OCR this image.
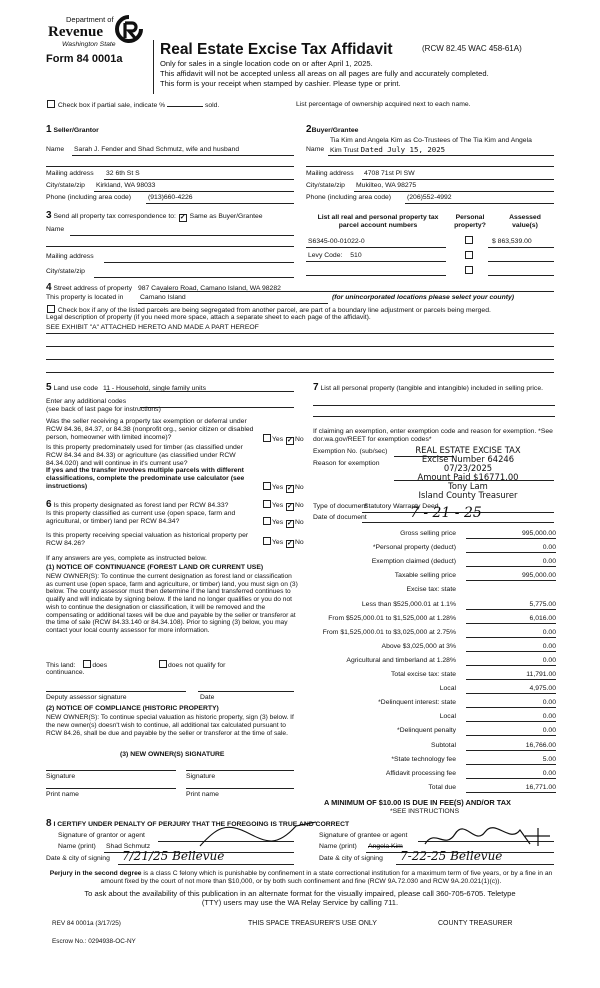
Department of
Revenue
Washington State
Form 84 0001a
Real Estate Excise Tax Affidavit	(RCW 82.45 WAC 458-61A)
Only for sales in a single location code on or after April 1, 2025.
This affidavit will not be accepted unless all areas on all pages are fully and accurately completed.
This form is your receipt when stamped by cashier. Please type or print.
Check box if partial sale, indicate %	sold.	List percentage of ownership acquired next to each name.
1 Seller/Grantor
Name Sarah J. Fender and Shad Schmutz, wife and husband
Mailing address 32 6th St S
City/state/zip Kirkland, WA 98033
Phone (including area code) (913)660-4226
2Buyer/Grantee
Tia Kim and Angela Kim as Co-Trustees of The Tia Kim and Angela
Name Kim Trust Dated July 15, 2025
Mailing address 4708 71st Pl SW
City/state/zip Mukilteo, WA 98275
Phone (including area code) (206)552-4992
3 Send all property tax correspondence to: ✓ Same as Buyer/Grantee
Name
Mailing address
City/state/zip
List all real and personal property tax parcel account numbers
Personal property?
Assessed value(s)
S6345-00-01022-0	$ 863,539.00
Levy Code: 510
4 Street address of property 987 Cavalero Road, Camano Island, WA 98282
This property is located in Camano Island	(for unincorporated locations please select your county)
Check box if any of the listed parcels are being segregated from another parcel, are part of a boundary line adjustment or parcels being merged.
Legal description of property (if you need more space, attach a separate sheet to each page of the affidavit).
SEE EXHIBIT "A" ATTACHED HERETO AND MADE A PART HEREOF
5 Land use code 11 - Household, single family units
Enter any additional codes
(see back of last page for instructions)
Was the seller receiving a property tax exemption or deferral under RCW 84.36, 84.37, or 84.38 (nonprofit org., senior citizen or disabled person, homeowner with limited income)?	Yes ✓ No
Is this property predominately used for timber (as classified under RCW 84.34 and 84.33) or agriculture (as classified under RCW 84.34.020) and will continue in it's current use?
If yes and the transfer involves multiple parcels with different classifications, complete the predominate use calculator (see instructions)	Yes ✓ No
6 Is this property designated as forest land per RCW 84.33?	Yes ✓ No
Is this property classified as current use (open space, farm and agricultural, or timber) land per RCW 84.34?	Yes ✓ No
Is this property receiving special valuation as historical property per RCW 84.26?	Yes ✓ No
If any answers are yes, complete as instructed below.
(1) NOTICE OF CONTINUANCE (FOREST LAND OR CURRENT USE)
NEW OWNER(S): To continue the current designation as forest land or classification as current use (open space, farm and agriculture, or timber) land, you must sign on (3) below. The county assessor must then determine if the land transferred continues to qualify and will indicate by signing below. If the land no longer qualifies or you do not wish to continue the designation or classification, it will be removed and the compensating or additional taxes will be due and payable by the seller or transferor at the time of sale (RCW 84.33.140 or 84.34.108). Prior to signing (3) below, you may contact your local county assessor for more information.
This land: does	does not qualify for
continuance.
Deputy assessor signature	Date
(2) NOTICE OF COMPLIANCE (HISTORIC PROPERTY)
NEW OWNER(S): To continue special valuation as historic property, sign (3) below. If the new owner(s) doesn't wish to continue, all additional tax calculated pursuant to RCW 84.26, shall be due and payable by the seller or transferor at the time of sale.
(3) NEW OWNER(S) SIGNATURE
Signature	Signature
Print name	Print name
7 List all personal property (tangible and intangible) included in selling price.
If claiming an exemption, enter exemption code and reason for exemption. *See dor.wa.gov/REET for exemption codes*
Exemption No. (sub/sec)
Reason for exemption
REAL ESTATE EXCISE TAX
Excise Number 64246
07/23/2025
Amount Paid $16771.00
Tony Lam
Island County Treasurer
Type of document
Statutory Warranty Deed
Date of document	7 - 21 - 25
Gross selling price	995,000.00
*Personal property (deduct)	0.00
Exemption claimed (deduct)	0.00
Taxable selling price	995,000.00
Excise tax: state
Less than $525,000.01 at 1.1%	5,775.00
From $525,000.01 to $1,525,000 at 1.28%	6,016.00
From $1,525,000.01 to $3,025,000 at 2.75%	0.00
Above $3,025,000 at 3%	0.00
Agricultural and timberland at 1.28%	0.00
Total excise tax: state	11,791.00
Local	4,975.00
*Delinquent interest: state	0.00
Local	0.00
*Delinquent penalty	0.00
Subtotal	16,766.00
*State technology fee	5.00
Affidavit processing fee	0.00
Total due	16,771.00
A MINIMUM OF $10.00 IS DUE IN FEE(S) AND/OR TAX
*SEE INSTRUCTIONS
8 I CERTIFY UNDER PENALTY OF PERJURY THAT THE FOREGOING IS TRUE AND CORRECT
Signature of grantor or agent
Name (print) Shad Schmutz
Date & city of signing 7/21/25 Bellevue
Signature of grantee or agent
Name (print) Angela Kim
Date & city of signing 7-22-25 Bellevue
Perjury in the second degree is a class C felony which is punishable by confinement in a state correctional institution for a maximum term of five years, or by a fine in an amount fixed by the court of not more than $10,000, or by both such confinement and fine (RCW 9A.72.030 and RCW 9A.20.021(1)(c)).
To ask about the availability of this publication in an alternate format for the visually impaired, please call 360-705-6705. Teletype (TTY) users may use the WA Relay Service by calling 711.
REV 84 0001a (3/17/25)	THIS SPACE TREASURER'S USE ONLY	COUNTY TREASURER
Escrow No.: 0294938-OC-NY
